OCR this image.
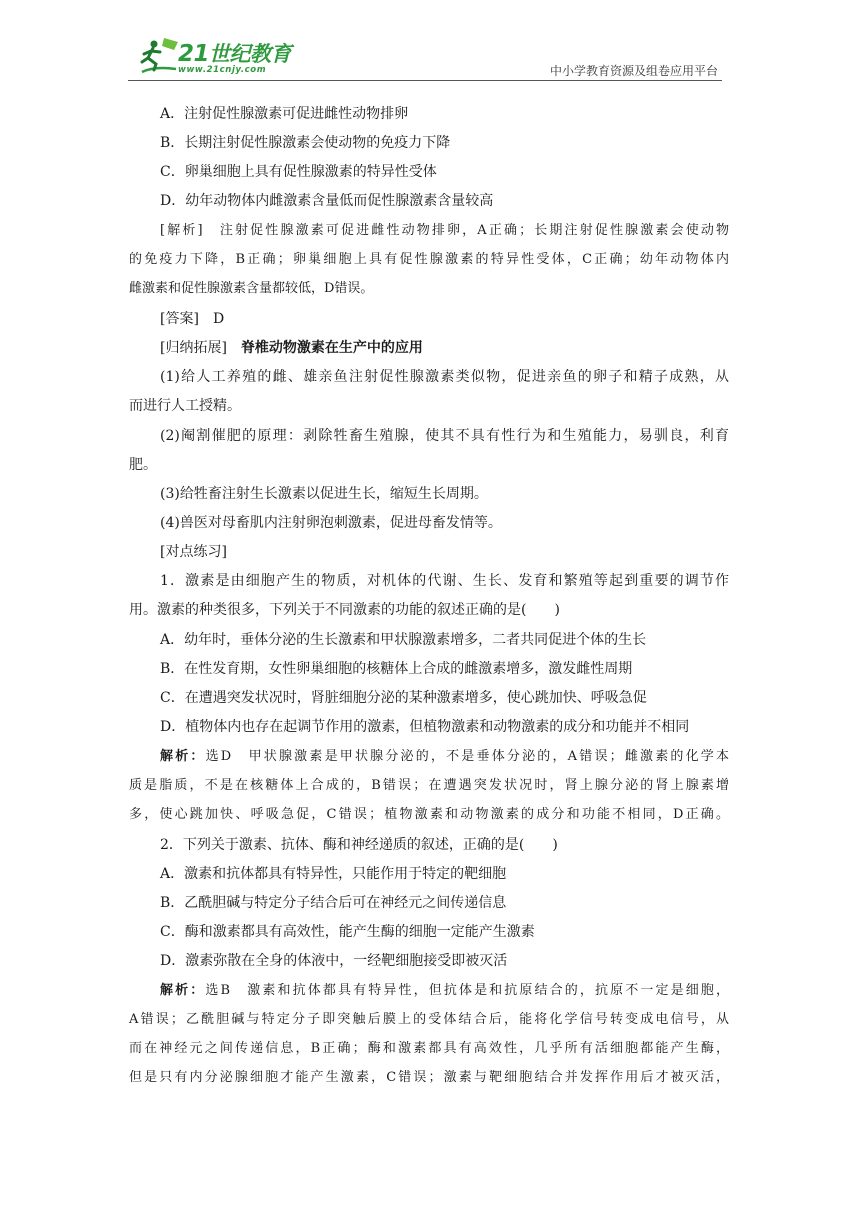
21世纪教育
www.21cnjy.com	中小学教育资源及组卷应用平台
A．注射促性腺激素可促进雌性动物排卵
B．长期注射促性腺激素会使动物的免疫力下降
C．卵巢细胞上具有促性腺激素的特异性受体
D．幼年动物体内雌激素含量低而促性腺激素含量较高
[解析]　 注射促性腺激素可促进雌性动物排卵，A正确；长期注射促性腺激素会使动物
的免疫力下降，B正确；卵巢细胞上具有促性腺激素的特异性受体，C正确；幼年动物体内
雌激素和促性腺激素含量都较低，D错误。
[答案]　 D
[归纳拓展]　 脊椎动物激素在生产中的应用
(1)给人工养殖的雌、雄亲鱼注射促性腺激素类似物，促进亲鱼的卵子和精子成熟，从
而进行人工授精。
(2)阉割催肥的原理：剥除牲畜生殖腺，使其不具有性行为和生殖能力，易驯良，利育
肥。
(3)给牲畜注射生长激素以促进生长，缩短生长周期。
(4)兽医对母畜肌内注射卵泡刺激素，促进母畜发情等。
[对点练习]
1．激素是由细胞产生的物质，对机体的代谢、生长、发育和繁殖等起到重要的调节作
用。激素的种类很多，下列关于不同激素的功能的叙述正确的是(　　)
A．幼年时，垂体分泌的生长激素和甲状腺激素增多，二者共同促进个体的生长
B．在性发育期，女性卵巢细胞的核糖体上合成的雌激素增多，激发雌性周期
C．在遭遇突发状况时，肾脏细胞分泌的某种激素增多，使心跳加快、呼吸急促
D．植物体内也存在起调节作用的激素，但植物激素和动物激素的成分和功能并不相同
解析：选D　甲状腺激素是甲状腺分泌的，不是垂体分泌的，A错误；雌激素的化学本
质是脂质，不是在核糖体上合成的，B错误；在遭遇突发状况时，肾上腺分泌的肾上腺素增
多，使心跳加快、呼吸急促，C错误；植物激素和动物激素的成分和功能不相同，D正确。
2．下列关于激素、抗体、酶和神经递质的叙述，正确的是(　　)
A．激素和抗体都具有特异性，只能作用于特定的靶细胞
B．乙酰胆碱与特定分子结合后可在神经元之间传递信息
C．酶和激素都具有高效性，能产生酶的细胞一定能产生激素
D．激素弥散在全身的体液中，一经靶细胞接受即被灭活
解析：选B　激素和抗体都具有特异性，但抗体是和抗原结合的，抗原不一定是细胞，
A错误；乙酰胆碱与特定分子即突触后膜上的受体结合后，能将化学信号转变成电信号，从
而在神经元之间传递信息，B正确；酶和激素都具有高效性，几乎所有活细胞都能产生酶，
但是只有内分泌腺细胞才能产生激素，C错误；激素与靶细胞结合并发挥作用后才被灭活，
